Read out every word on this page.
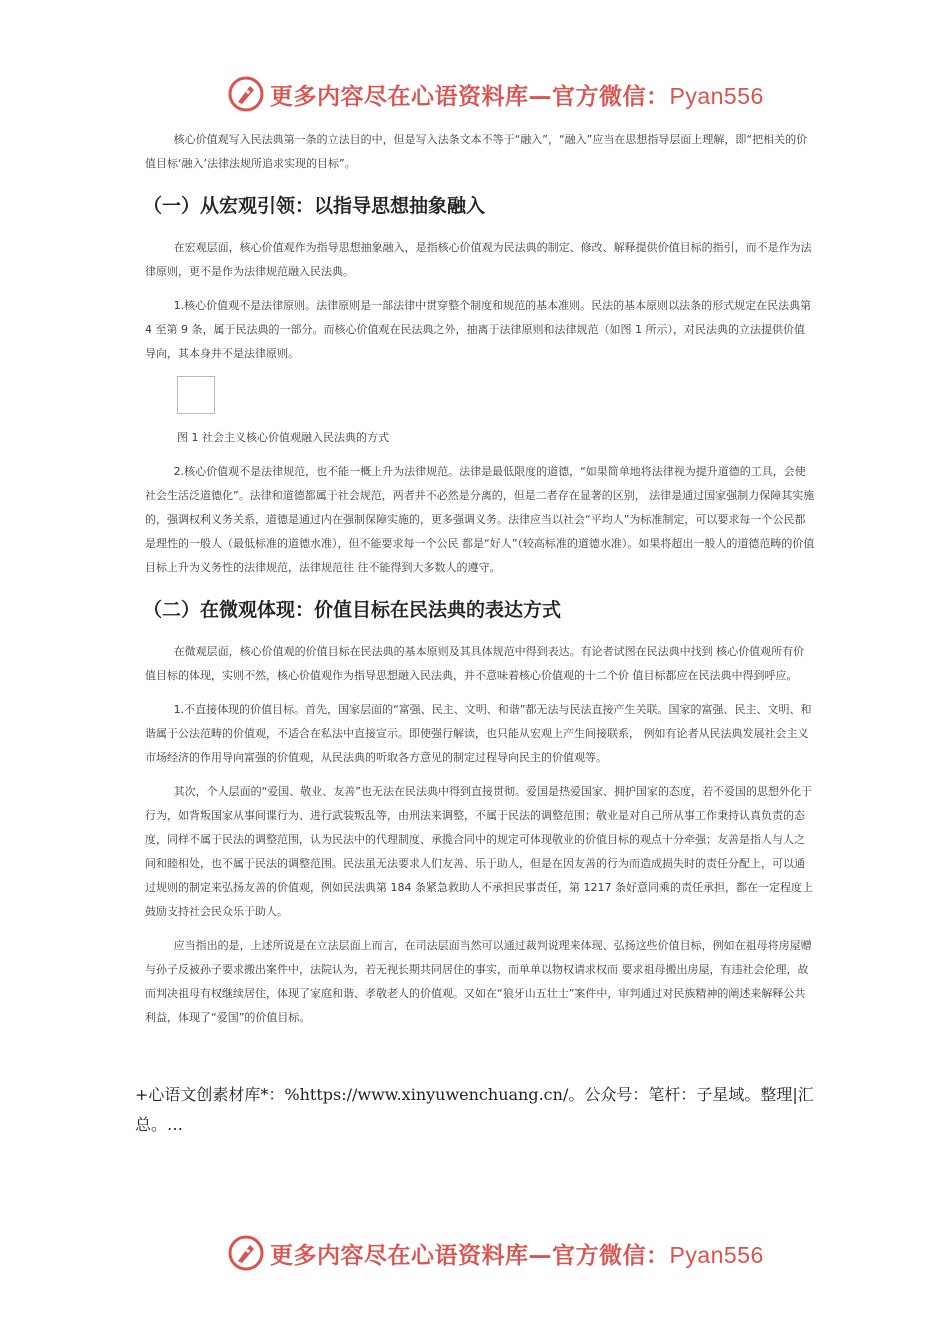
更多内容尽在心语资料库—官方微信：Pyan556

核心价值观写入民法典第一条的立法目的中，但是写入法条文本不等于“融入”，“融入”应当在思想指导层面上理解，即“把相关的价值目标‘融入’法律法规所追求实现的目标”。

（一）从宏观引领：以指导思想抽象融入

在宏观层面，核心价值观作为指导思想抽象融入，是指核心价值观为民法典的制定、修改、解释提供价值目标的指引，而不是作为法律原则，更不是作为法律规范融入民法典。

1.核心价值观不是法律原则。法律原则是一部法律中贯穿整个制度和规范的基本准则。民法的基本原则以法条的形式规定在民法典第 4 至第 9 条，属于民法典的一部分。而核心价值观在民法典之外，抽离于法律原则和法律规范（如图 1 所示），对民法典的立法提供价值导向，其本身并不是法律原则。

图 1 社会主义核心价值观融入民法典的方式

2.核心价值观不是法律规范，也不能一概上升为法律规范。法律是最低限度的道德，“如果简单地将法律视为提升道德的工具，会使社会生活泛道德化”。法律和道德都属于社会规范，两者并不必然是分离的，但是二者存在显著的区别， 法律是通过国家强制力保障其实施的，强调权利义务关系，道德是通过内在强制保障实施的，更多强调义务。法律应当以社会“平均人”为标准制定，可以要求每一个公民都是理性的一般人（最低标准的道德水准），但不能要求每一个公民 都是“好人”（较高标准的道德水准）。如果将超出一般人的道德范畴的价值目标上升为义务性的法律规范，法律规范往 往不能得到大多数人的遵守。

（二）在微观体现：价值目标在民法典的表达方式

在微观层面，核心价值观的价值目标在民法典的基本原则及其具体规范中得到表达。有论者试图在民法典中找到 核心价值观所有价值目标的体现，实则不然，核心价值观作为指导思想融入民法典，并不意味着核心价值观的十二个价 值目标都应在民法典中得到呼应。

1.不直接体现的价值目标。首先，国家层面的“富强、民主、文明、和谐”都无法与民法直接产生关联。国家的富强、民主、文明、和谐属于公法范畴的价值观，不适合在私法中直接宣示。即使强行解读，也只能从宏观上产生间接联系， 例如有论者从民法典发展社会主义市场经济的作用导向富强的价值观，从民法典的听取各方意见的制定过程导向民主的价值观等。

其次，个人层面的“爱国、敬业、友善”也无法在民法典中得到直接贯彻。爱国是热爱国家、拥护国家的态度，若不爱国的思想外化于行为，如背叛国家从事间谍行为、进行武装叛乱等，由刑法来调整，不属于民法的调整范围；敬业是对自己所从事工作秉持认真负责的态度，同样不属于民法的调整范围，认为民法中的代理制度、承揽合同中的规定可体现敬业的价值目标的观点十分牵强；友善是指人与人之间和睦相处，也不属于民法的调整范围。民法虽无法要求人们友善、乐于助人，但是在因友善的行为而造成损失时的责任分配上，可以通过规则的制定来弘扬友善的价值观，例如民法典第 184 条紧急救助人不承担民事责任，第 1217 条好意同乘的责任承担，都在一定程度上鼓励支持社会民众乐于助人。

应当指出的是，上述所说是在立法层面上而言，在司法层面当然可以通过裁判说理来体现、弘扬这些价值目标，例如在祖母将房屋赠与孙子反被孙子要求搬出案件中，法院认为，若无视长期共同居住的事实，而单单以物权请求权而 要求祖母搬出房屋，有违社会伦理，故而判决祖母有权继续居住，体现了家庭和谐、孝敬老人的价值观。又如在“狼牙山五壮士”案件中，审判通过对民族精神的阐述来解释公共利益，体现了“爱国”的价值目标。

+心语文创素材库*：%https://www.xinyuwenchuang.cn/。公众号：笔杆：子星域。整理|汇总。…
更多内容尽在心语资料库—官方微信：Pyan556
